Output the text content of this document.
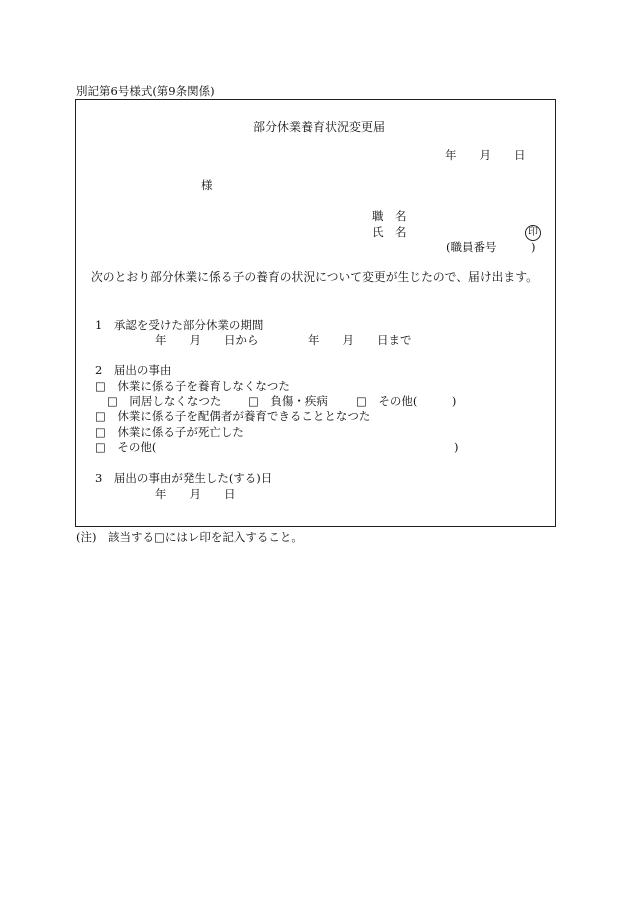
別記第6号様式(第9条関係)
部分休業養育状況変更届
年　　月　　日
様
職　名
氏　名	印
(職員番号　　　)
次のとおり部分休業に係る子の養育の状況について変更が生じたので、届け出ます。
1　承認を受けた部分休業の期間
年　　月　　日から	年　　月　　日まで
2　届出の事由
□　休業に係る子を養育しなくなつた
□　同居しなくなつた □　負傷・疾病 □　その他(　　　)
□　休業に係る子を配偶者が養育できることとなつた
□　休業に係る子が死亡した
□　その他(	)
3　届出の事由が発生した(する)日
年　　月　　日
(注)　該当する□にはレ印を記入すること。
